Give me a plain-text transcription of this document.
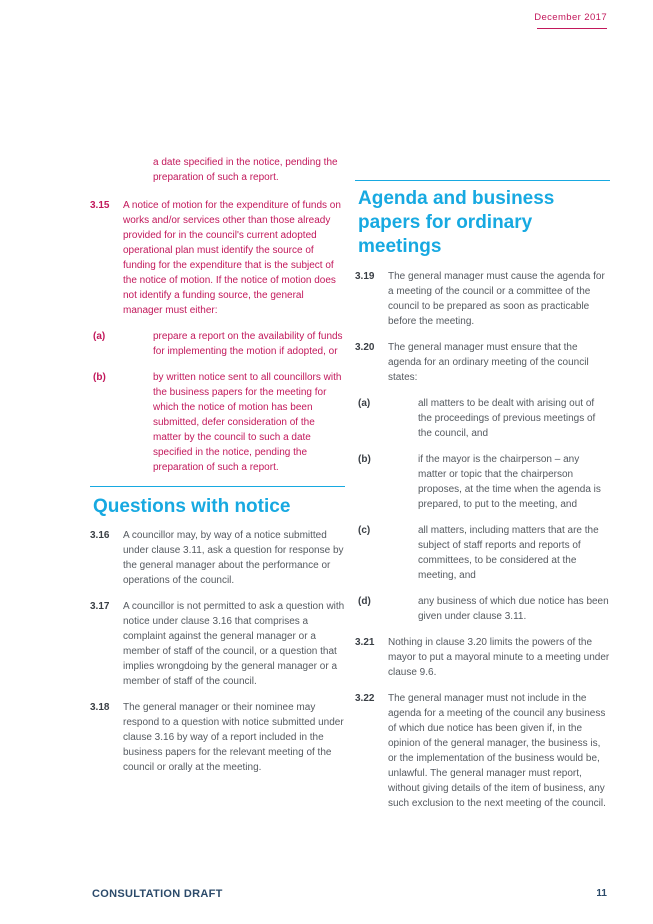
December 2017
a date specified in the notice, pending the preparation of such a report.
3.15 A notice of motion for the expenditure of funds on works and/or services other than those already provided for in the council's current adopted operational plan must identify the source of funding for the expenditure that is the subject of the notice of motion. If the notice of motion does not identify a funding source, the general manager must either:
(a)	prepare a report on the availability of funds for implementing the motion if adopted, or
(b)	by written notice sent to all councillors with the business papers for the meeting for which the notice of motion has been submitted, defer consideration of the matter by the council to such a date specified in the notice, pending the preparation of such a report.
Questions with notice
3.16 A councillor may, by way of a notice submitted under clause 3.11, ask a question for response by the general manager about the performance or operations of the council.
3.17 A councillor is not permitted to ask a question with notice under clause 3.16 that comprises a complaint against the general manager or a member of staff of the council, or a question that implies wrongdoing by the general manager or a member of staff of the council.
3.18 The general manager or their nominee may respond to a question with notice submitted under clause 3.16 by way of a report included in the business papers for the relevant meeting of the council or orally at the meeting.
Agenda and business papers for ordinary meetings
3.19 The general manager must cause the agenda for a meeting of the council or a committee of the council to be prepared as soon as practicable before the meeting.
3.20 The general manager must ensure that the agenda for an ordinary meeting of the council states:
(a)	all matters to be dealt with arising out of the proceedings of previous meetings of the council, and
(b)	if the mayor is the chairperson – any matter or topic that the chairperson proposes, at the time when the agenda is prepared, to put to the meeting, and
(c)	all matters, including matters that are the subject of staff reports and reports of committees, to be considered at the meeting, and
(d)	any business of which due notice has been given under clause 3.11.
3.21 Nothing in clause 3.20 limits the powers of the mayor to put a mayoral minute to a meeting under clause 9.6.
3.22 The general manager must not include in the agenda for a meeting of the council any business of which due notice has been given if, in the opinion of the general manager, the business is, or the implementation of the business would be, unlawful. The general manager must report, without giving details of the item of business, any such exclusion to the next meeting of the council.
CONSULTATION DRAFT	11
